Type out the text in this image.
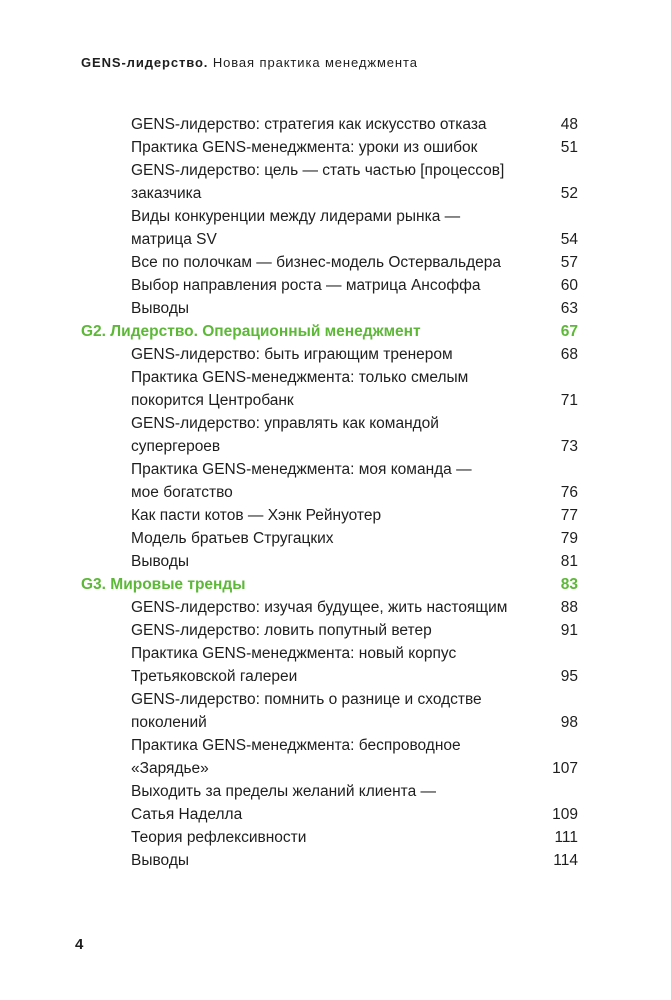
GENS-лидерство. Новая практика менеджмента
GENS-лидерство: стратегия как искусство отказа	48
Практика GENS-менеджмента: уроки из ошибок	51
GENS-лидерство: цель — стать частью [процессов]
заказчика	52
Виды конкуренции между лидерами рынка —
матрица SV	54
Все по полочкам — бизнес-модель Остервальдера	57
Выбор направления роста — матрица Ансоффа	60
Выводы	63
G2. Лидерство. Операционный менеджмент	67
GENS-лидерство: быть играющим тренером	68
Практика GENS-менеджмента: только смелым
покорится Центробанк	71
GENS-лидерство: управлять как командой
супергероев	73
Практика GENS-менеджмента: моя команда —
мое богатство	76
Как пасти котов — Хэнк Рейнуотер	77
Модель братьев Стругацких	79
Выводы	81
G3. Мировые тренды	83
GENS-лидерство: изучая будущее, жить настоящим	88
GENS-лидерство: ловить попутный ветер	91
Практика GENS-менеджмента: новый корпус
Третьяковской галереи	95
GENS-лидерство: помнить о разнице и сходстве
поколений	98
Практика GENS-менеджмента: беспроводное
«Зарядье»	107
Выходить за пределы желаний клиента —
Сатья Наделла	109
Теория рефлексивности	111
Выводы	114
4
